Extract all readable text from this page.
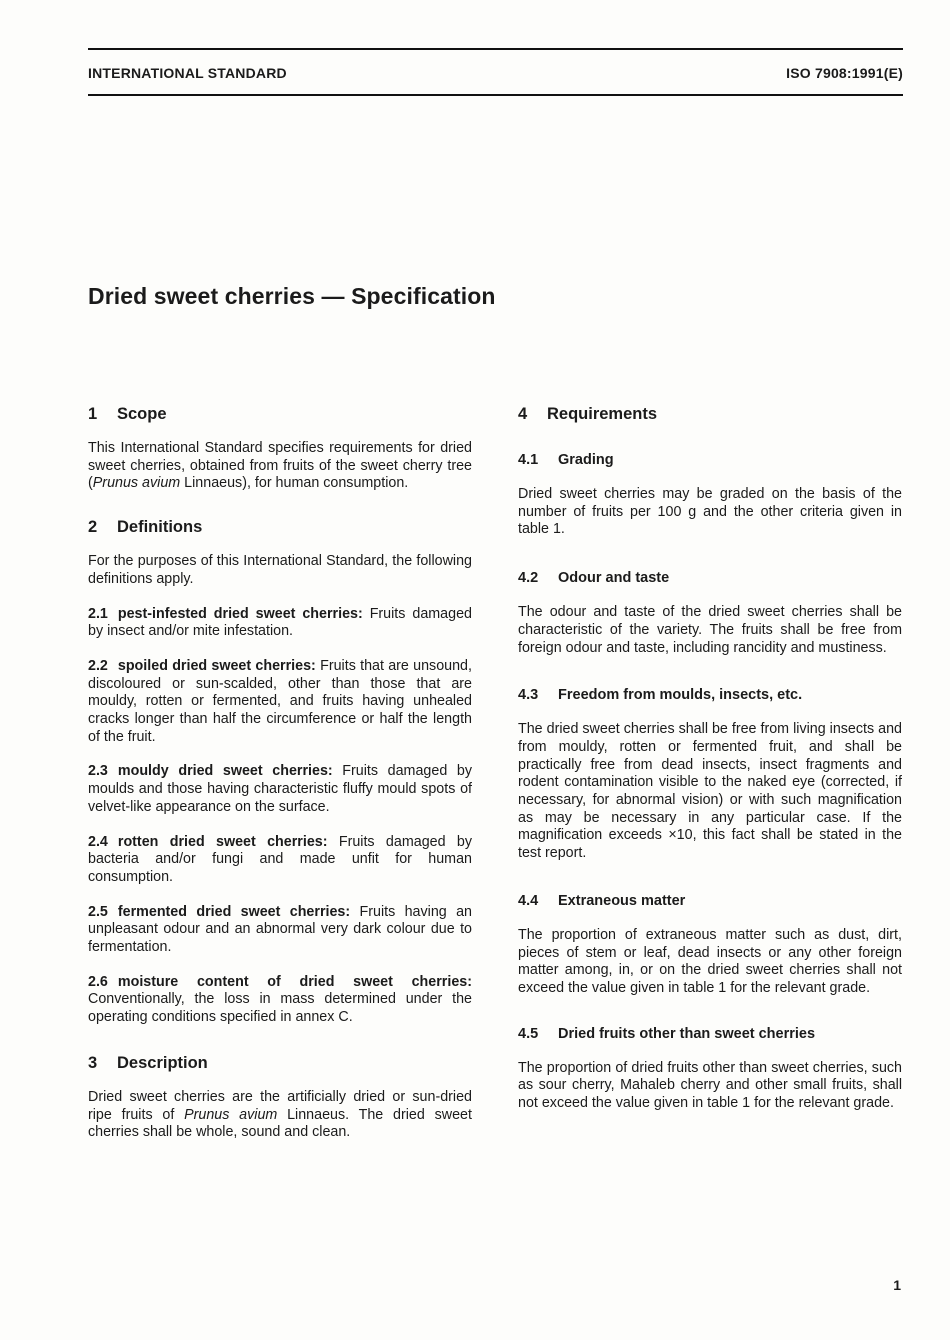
INTERNATIONAL STANDARD	ISO 7908:1991(E)
Dried sweet cherries — Specification
1 Scope

This International Standard specifies requirements for dried sweet cherries, obtained from fruits of the sweet cherry tree (Prunus avium Linnaeus), for human consumption.

2 Definitions

For the purposes of this International Standard, the following definitions apply.

2.1 pest-infested dried sweet cherries: Fruits damaged by insect and/or mite infestation.

2.2 spoiled dried sweet cherries: Fruits that are unsound, discoloured or sun-scalded, other than those that are mouldy, rotten or fermented, and fruits having unhealed cracks longer than half the circumference or half the length of the fruit.

2.3 mouldy dried sweet cherries: Fruits damaged by moulds and those having characteristic fluffy mould spots of velvet-like appearance on the surface.

2.4 rotten dried sweet cherries: Fruits damaged by bacteria and/or fungi and made unfit for human consumption.

2.5 fermented dried sweet cherries: Fruits having an unpleasant odour and an abnormal very dark colour due to fermentation.

2.6 moisture content of dried sweet cherries: Conventionally, the loss in mass determined under the operating conditions specified in annex C.

3 Description

Dried sweet cherries are the artificially dried or sun-dried ripe fruits of Prunus avium Linnaeus. The dried sweet cherries shall be whole, sound and clean.

4 Requirements
4.1 Grading

Dried sweet cherries may be graded on the basis of the number of fruits per 100 g and the other criteria given in table 1.

4.2 Odour and taste

The odour and taste of the dried sweet cherries shall be characteristic of the variety. The fruits shall be free from foreign odour and taste, including rancidity and mustiness.

4.3 Freedom from moulds, insects, etc.

The dried sweet cherries shall be free from living insects and from mouldy, rotten or fermented fruit, and shall be practically free from dead insects, insect fragments and rodent contamination visible to the naked eye (corrected, if necessary, for abnormal vision) or with such magnification as may be necessary in any particular case. If the magnification exceeds ×10, this fact shall be stated in the test report.

4.4 Extraneous matter

The proportion of extraneous matter such as dust, dirt, pieces of stem or leaf, dead insects or any other foreign matter among, in, or on the dried sweet cherries shall not exceed the value given in table 1 for the relevant grade.

4.5 Dried fruits other than sweet cherries

The proportion of dried fruits other than sweet cherries, such as sour cherry, Mahaleb cherry and other small fruits, shall not exceed the value given in table 1 for the relevant grade.

1
